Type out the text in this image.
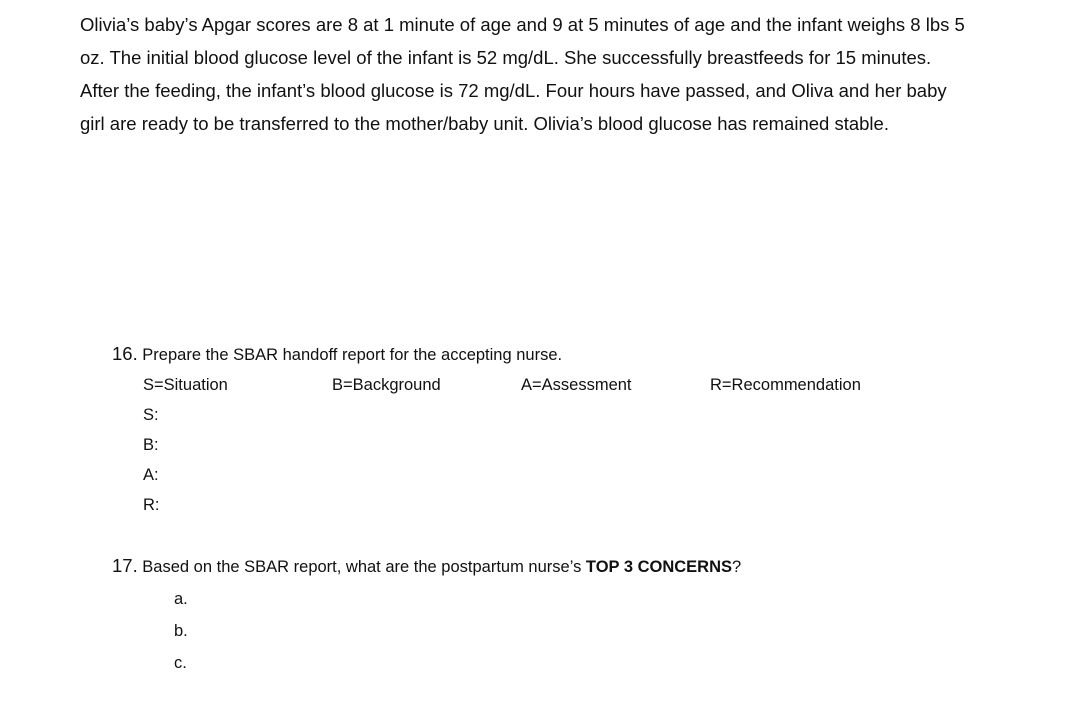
Olivia’s baby’s Apgar scores are 8 at 1 minute of age and 9 at 5 minutes of age and the infant weighs 8 lbs 5
oz. The initial blood glucose level of the infant is 52 mg/dL. She successfully breastfeeds for 15 minutes.
After the feeding, the infant’s blood glucose is 72 mg/dL. Four hours have passed, and Oliva and her baby
girl are ready to be transferred to the mother/baby unit. Olivia’s blood glucose has remained stable.
16. Prepare the SBAR handoff report for the accepting nurse.
S=Situation	B=Background	A=Assessment	R=Recommendation
S:
B:
A:
R:
17. Based on the SBAR report, what are the postpartum nurse’s TOP 3 CONCERNS?
a.
b.
c.
